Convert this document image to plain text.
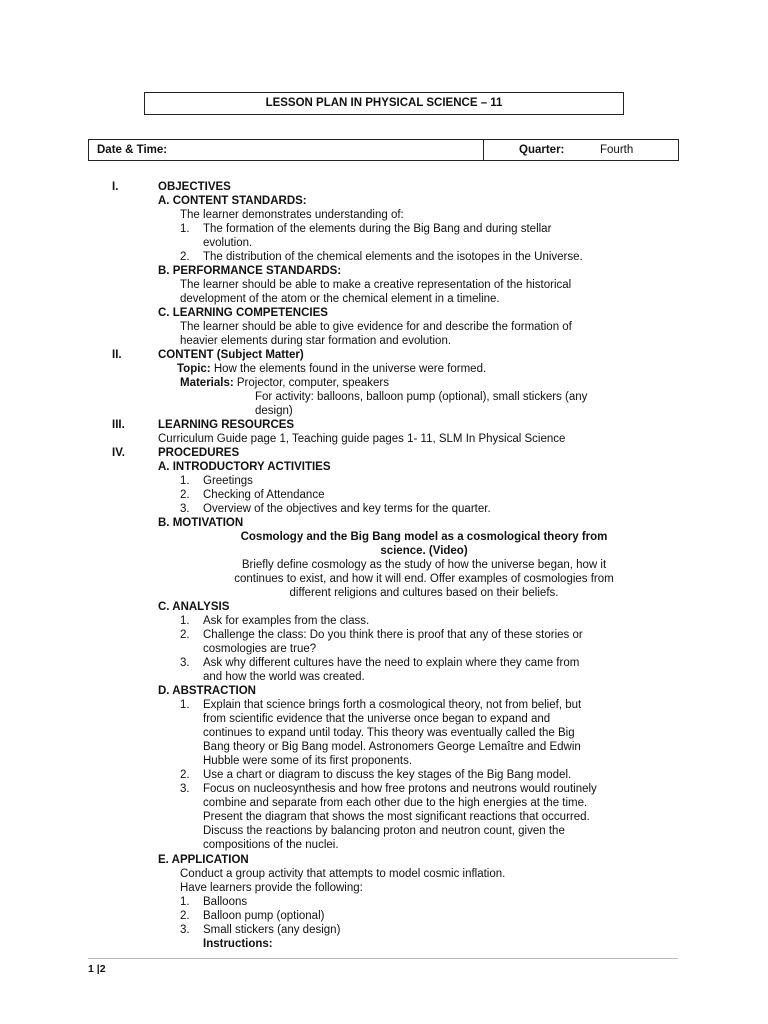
LESSON PLAN IN PHYSICAL SCIENCE – 11
Date & Time:	Quarter:	Fourth
I.	OBJECTIVES
A. CONTENT STANDARDS:
The learner demonstrates understanding of:
1. The formation of the elements during the Big Bang and during stellar
evolution.
2. The distribution of the chemical elements and the isotopes in the Universe.
B. PERFORMANCE STANDARDS:
The learner should be able to make a creative representation of the historical
development of the atom or the chemical element in a timeline.
C. LEARNING COMPETENCIES
The learner should be able to give evidence for and describe the formation of
heavier elements during star formation and evolution.
II.	CONTENT (Subject Matter)
Topic: How the elements found in the universe were formed.
Materials: Projector, computer, speakers
For activity: balloons, balloon pump (optional), small stickers (any
design)
III.	LEARNING RESOURCES
Curriculum Guide page 1, Teaching guide pages 1- 11, SLM In Physical Science
IV.	PROCEDURES
A. INTRODUCTORY ACTIVITIES
1. Greetings
2. Checking of Attendance
3. Overview of the objectives and key terms for the quarter.
B. MOTIVATION
Cosmology and the Big Bang model as a cosmological theory from
science. (Video)
Briefly define cosmology as the study of how the universe began, how it
continues to exist, and how it will end. Offer examples of cosmologies from
different religions and cultures based on their beliefs.
C. ANALYSIS
1. Ask for examples from the class.
2. Challenge the class: Do you think there is proof that any of these stories or
cosmologies are true?
3. Ask why different cultures have the need to explain where they came from
and how the world was created.
D. ABSTRACTION
1. Explain that science brings forth a cosmological theory, not from belief, but
from scientific evidence that the universe once began to expand and
continues to expand until today. This theory was eventually called the Big
Bang theory or Big Bang model. Astronomers George Lemaître and Edwin
Hubble were some of its first proponents.
2. Use a chart or diagram to discuss the key stages of the Big Bang model.
3. Focus on nucleosynthesis and how free protons and neutrons would routinely
combine and separate from each other due to the high energies at the time.
Present the diagram that shows the most significant reactions that occurred.
Discuss the reactions by balancing proton and neutron count, given the
compositions of the nuclei.
E. APPLICATION
Conduct a group activity that attempts to model cosmic inflation.
Have learners provide the following:
1. Balloons
2. Balloon pump (optional)
3. Small stickers (any design)
Instructions:
1 |2
